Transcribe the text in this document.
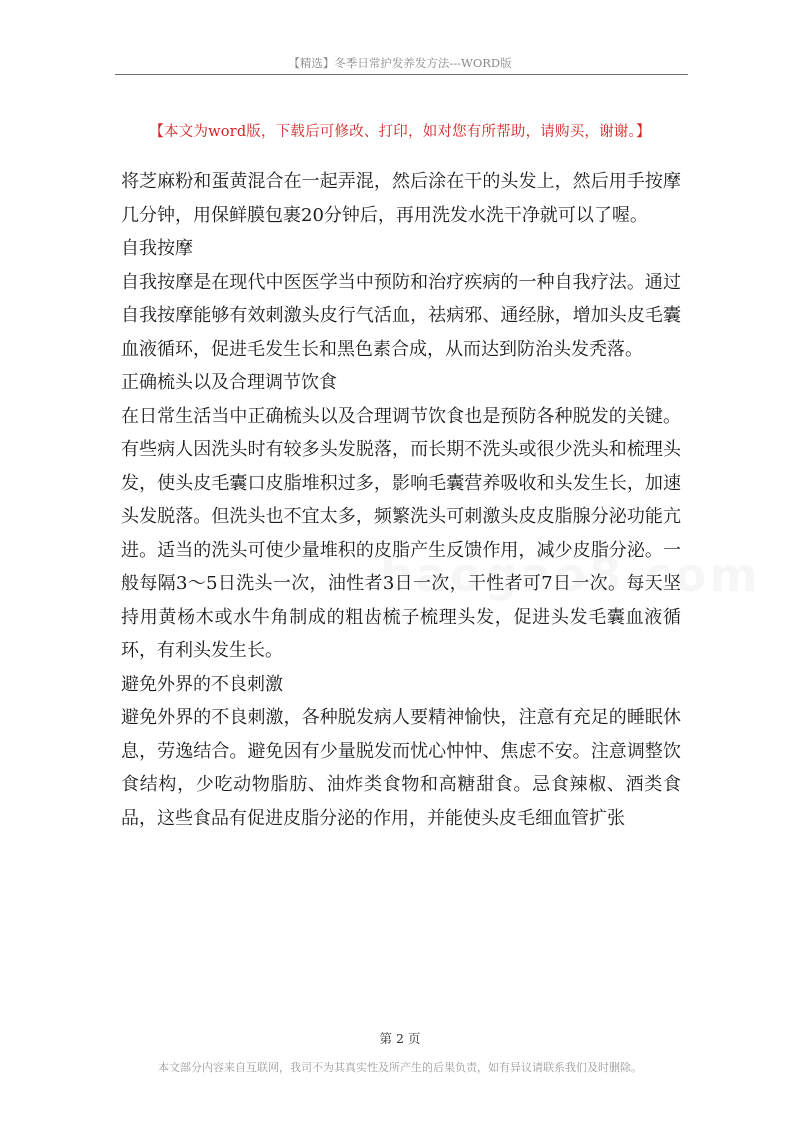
【精选】冬季日常护发养发方法---WORD版
【本文为word版，下载后可修改、打印，如对您有所帮助，请购买，谢谢。】

将芝麻粉和蛋黄混合在一起弄混，然后涂在干的头发上，然后用手按摩几分钟，用保鲜膜包裹20分钟后，再用洗发水洗干净就可以了喔。

自我按摩

自我按摩是在现代中医医学当中预防和治疗疾病的一种自我疗法。通过自我按摩能够有效刺激头皮行气活血，祛病邪、通经脉，增加头皮毛囊血液循环，促进毛发生长和黑色素合成，从而达到防治头发秃落。

正确梳头以及合理调节饮食

在日常生活当中正确梳头以及合理调节饮食也是预防各种脱发的关键。有些病人因洗头时有较多头发脱落，而长期不洗头或很少洗头和梳理头发，使头皮毛囊口皮脂堆积过多，影响毛囊营养吸收和头发生长，加速头发脱落。但洗头也不宜太多，频繁洗头可刺激头皮皮脂腺分泌功能亢进。适当的洗头可使少量堆积的皮脂产生反馈作用，减少皮脂分泌。一般每隔3～5日洗头一次，油性者3日一次，干性者可7日一次。每天坚持用黄杨木或水牛角制成的粗齿梳子梳理头发，促进头发毛囊血液循环，有利头发生长。

避免外界的不良刺激

避免外界的不良刺激，各种脱发病人要精神愉快，注意有充足的睡眠休息，劳逸结合。避免因有少量脱发而忧心忡忡、焦虑不安。注意调整饮食结构，少吃动物脂肪、油炸类食物和高糖甜食。忌食辣椒、酒类食品，这些食品有促进皮脂分泌的作用，并能使头皮毛细血管扩张

第 2 页
本文部分内容来自互联网，我司不为其真实性及所产生的后果负责，如有异议请联系我们及时删除。
